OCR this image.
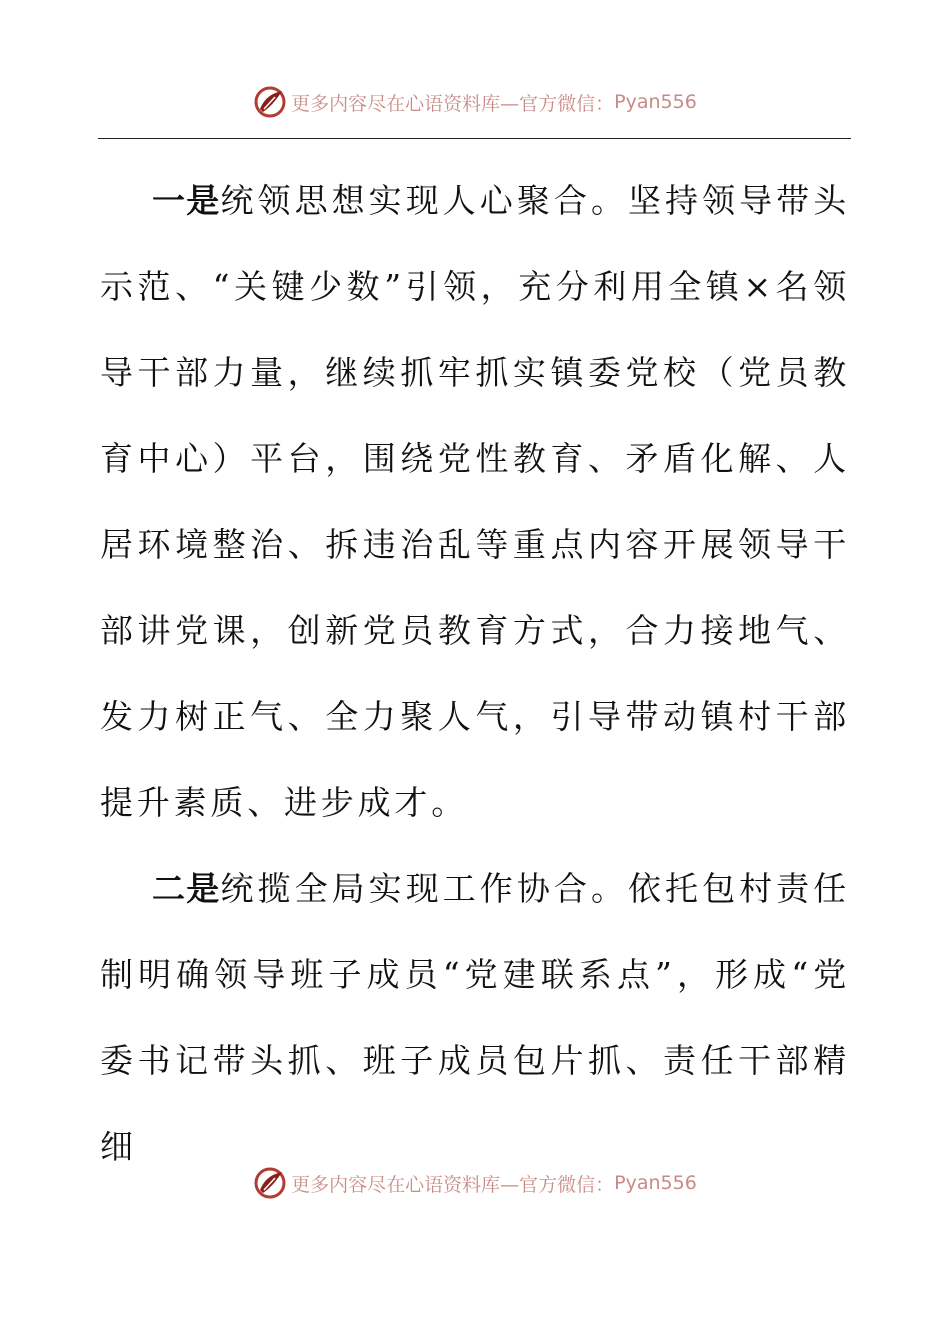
更多内容尽在心语资料库—官方微信： Pyan556

一是统领思想实现人心聚合。坚持领导带头示范、“关键少数”引领，充分利用全镇×名领导干部力量，继续抓牢抓实镇委党校（党员教育中心）平台，围绕党性教育、矛盾化解、人居环境整治、拆违治乱等重点内容开展领导干部讲党课，创新党员教育方式，合力接地气、发力树正气、全力聚人气，引导带动镇村干部提升素质、进步成才。

二是统揽全局实现工作协合。依托包村责任制明确领导班子成员“党建联系点”，形成“党委书记带头抓、班子成员包片抓、责任干部精细

更多内容尽在心语资料库—官方微信： Pyan556
